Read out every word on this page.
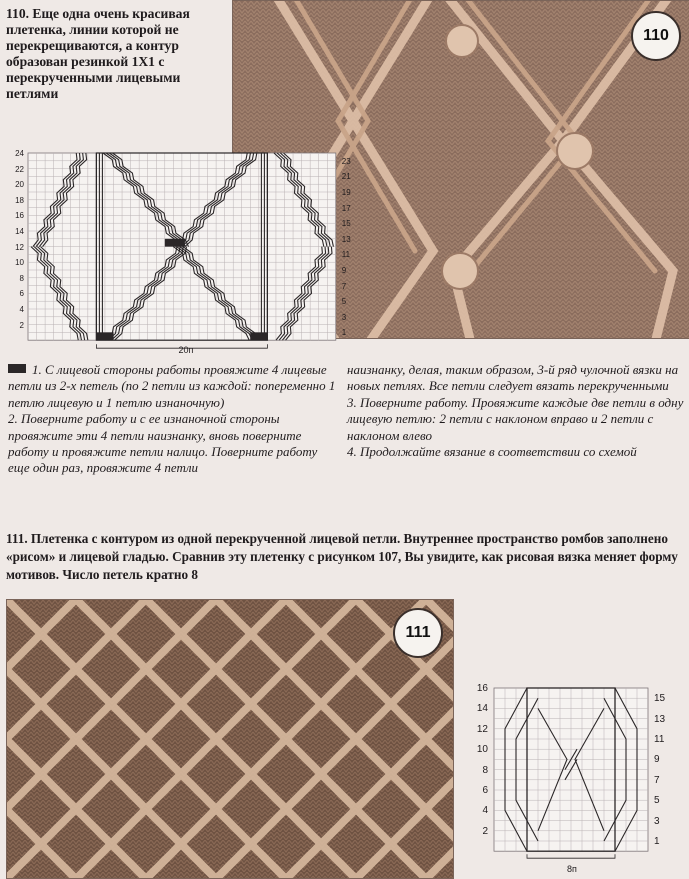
110. Еще одна очень красивая плетенка, линии которой не перекрещиваются, а контур образован резинкой 1Х1 с перекрученными лицевыми петлями
110
24
22
20
18
16
14
12
10
8
6
4
2
23
21
19
17
15
13
11
9
7
5
3
1
20п

1. С лицевой стороны работы провяжите 4 лицевые петли из 2-х петель (по 2 петли из каждой: попеременно 1 петлю лицевую и 1 петлю изнаночную)

2. Поверните работу и с ее изнаночной стороны провяжите эти 4 петли наизнанку, вновь поверните работу и провяжите петли налицо. Поверните работу еще один раз, провяжите 4 петли

наизнанку, делая, таким образом, 3-й ряд чулочной вязки на новых петлях. Все петли следует вязать перекрученными

3. Поверните работу. Провяжите каждые две петли в одну лицевую петлю: 2 петли с наклоном вправо и 2 петли с наклоном влево

4. Продолжайте вязание в соответствии со схемой

111. Плетенка с контуром из одной перекрученной лицевой петли. Внутреннее пространство ромбов заполнено «рисом» и лицевой гладью. Сравнив эту плетенку с рисунком 107, Вы увидите, как рисовая вязка меняет форму мотивов. Число петель кратно 8
111
16
14
12
10
8
6
4
2
15
13
11
9
7
5
3
1
8п
